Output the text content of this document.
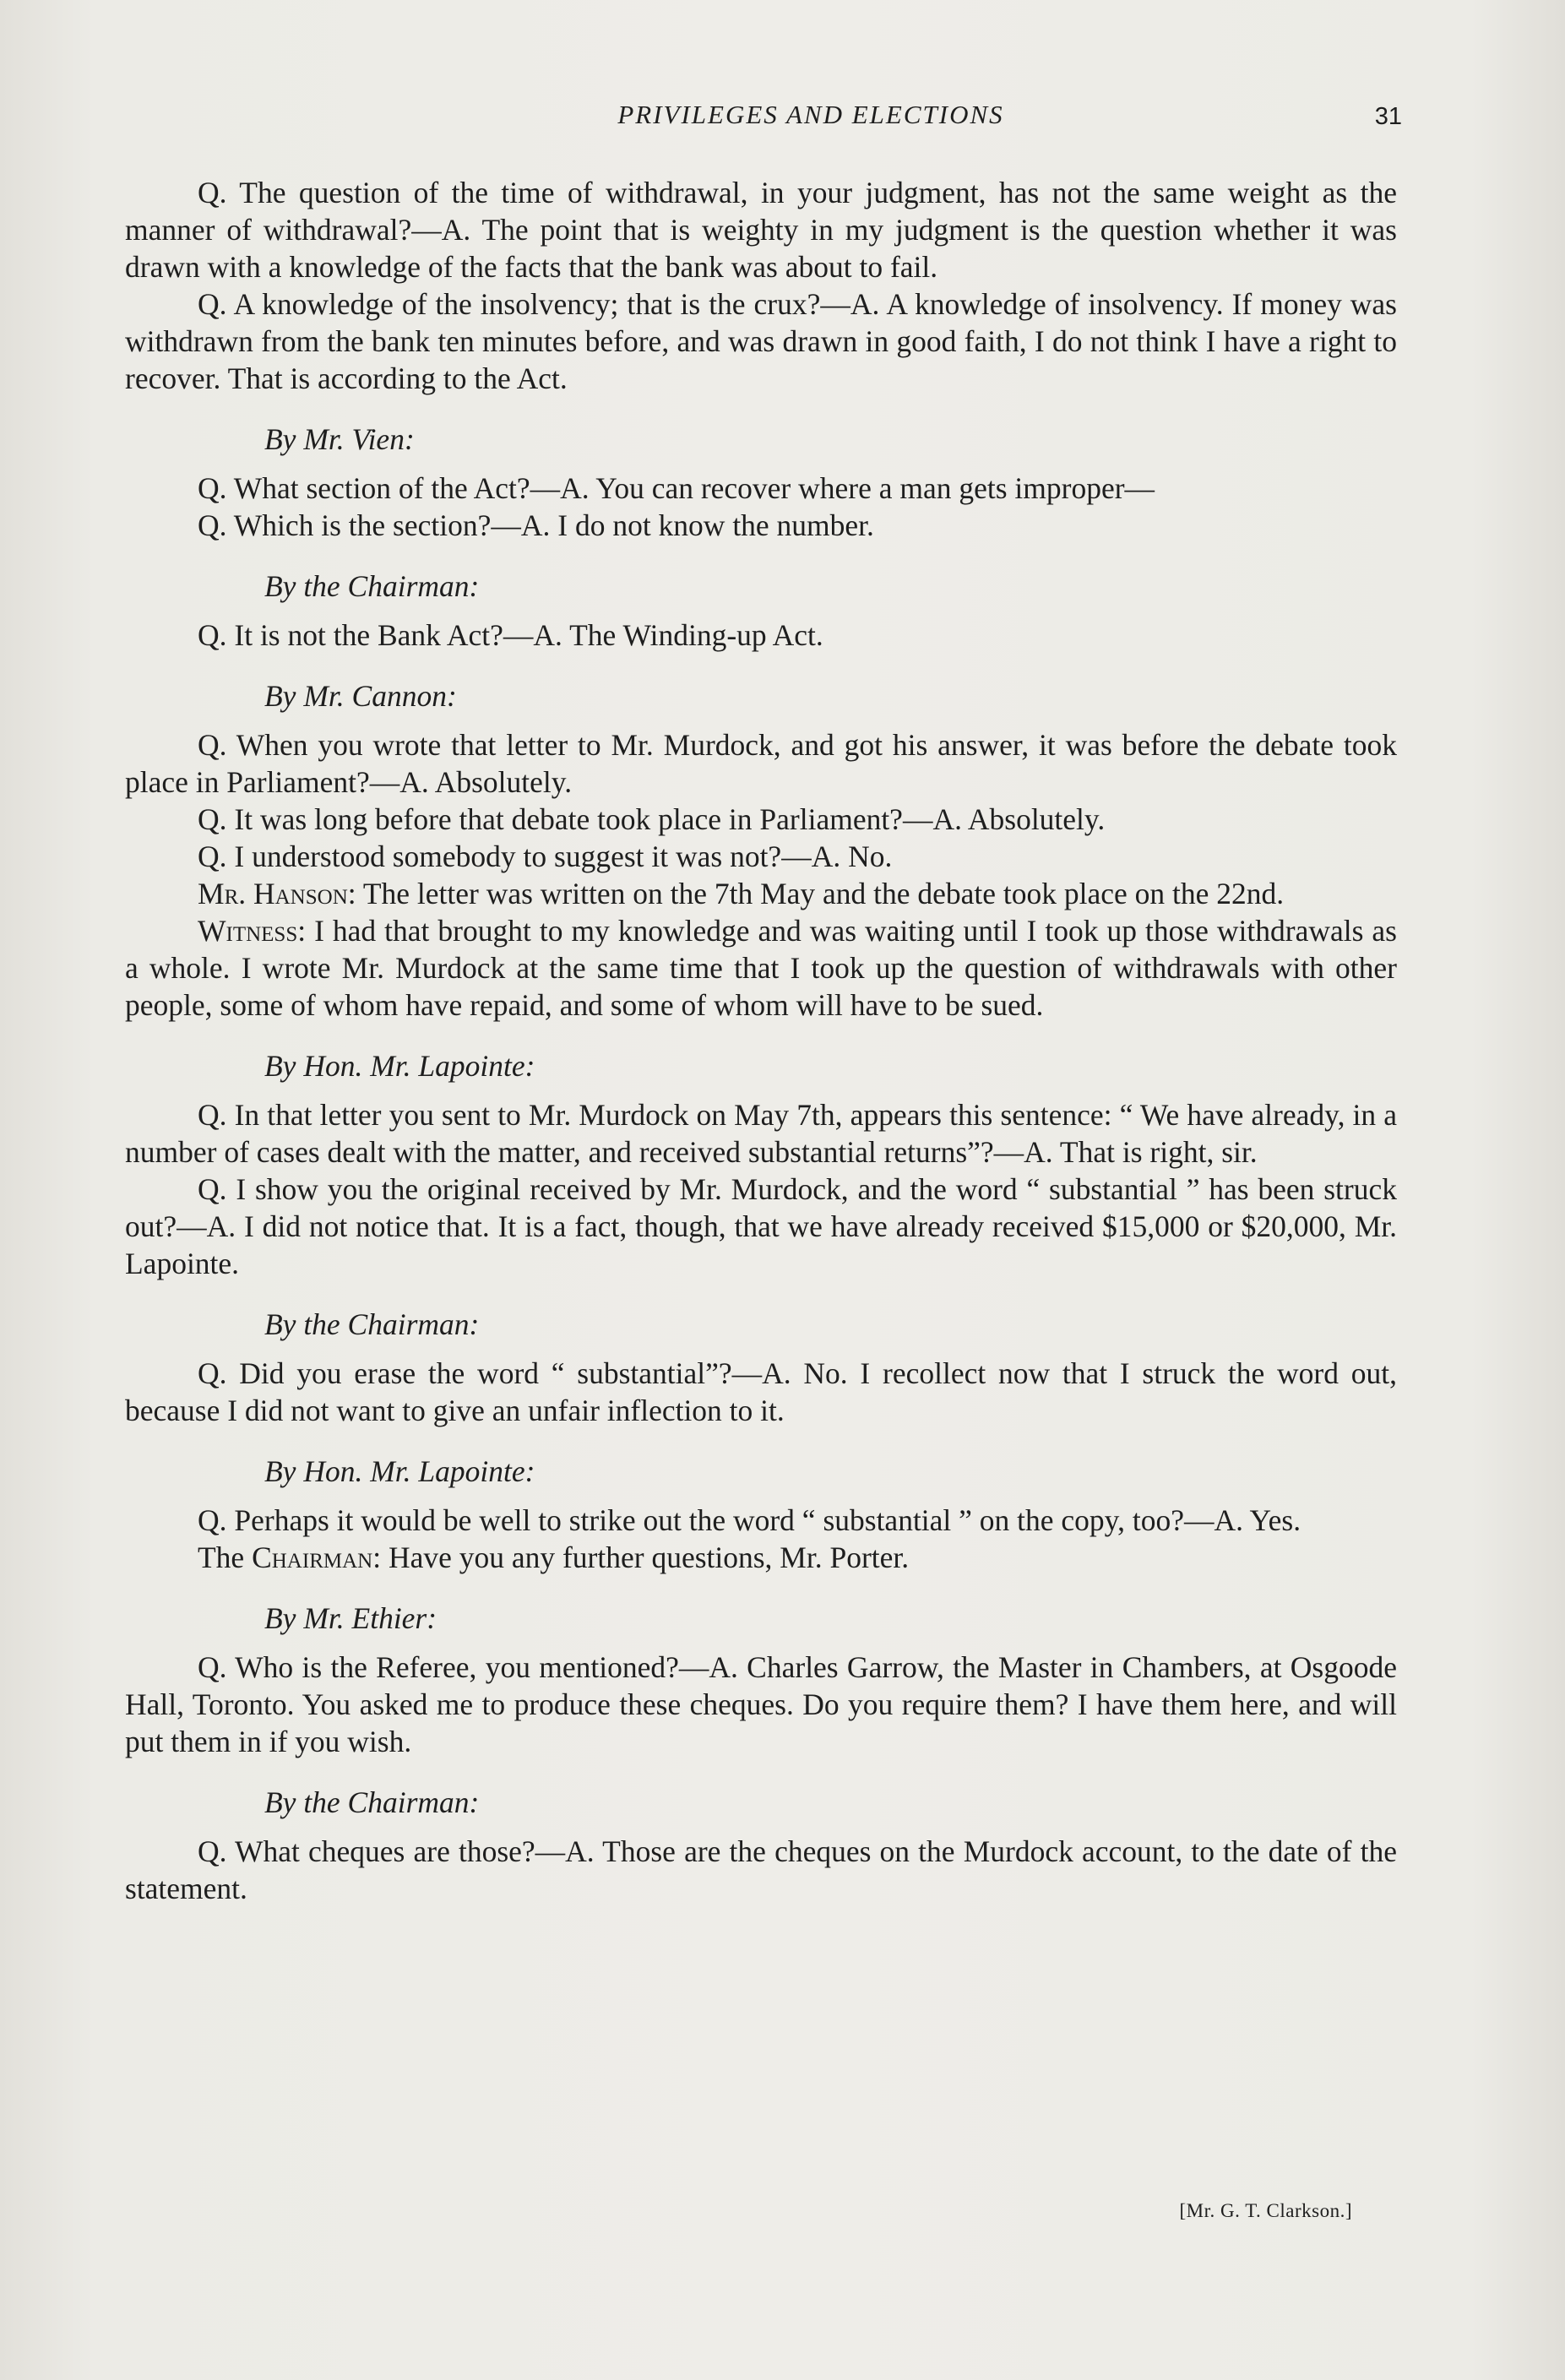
PRIVILEGES AND ELECTIONS	31

Q. The question of the time of withdrawal, in your judgment, has not the same weight as the manner of withdrawal?—A. The point that is weighty in my judgment is the question whether it was drawn with a knowledge of the facts that the bank was about to fail.

Q. A knowledge of the insolvency; that is the crux?—A. A knowledge of insolvency. If money was withdrawn from the bank ten minutes before, and was drawn in good faith, I do not think I have a right to recover. That is according to the Act.

By Mr. Vien:

Q. What section of the Act?—A. You can recover where a man gets improper—

Q. Which is the section?—A. I do not know the number.

By the Chairman:

Q. It is not the Bank Act?—A. The Winding-up Act.

By Mr. Cannon:

Q. When you wrote that letter to Mr. Murdock, and got his answer, it was before the debate took place in Parliament?—A. Absolutely.

Q. It was long before that debate took place in Parliament?—A. Absolutely.

Q. I understood somebody to suggest it was not?—A. No.

Mr. Hanson: The letter was written on the 7th May and the debate took place on the 22nd.

Witness: I had that brought to my knowledge and was waiting until I took up those withdrawals as a whole. I wrote Mr. Murdock at the same time that I took up the question of withdrawals with other people, some of whom have repaid, and some of whom will have to be sued.

By Hon. Mr. Lapointe:

Q. In that letter you sent to Mr. Murdock on May 7th, appears this sentence: “ We have already, in a number of cases dealt with the matter, and received substantial returns”?—A. That is right, sir.

Q. I show you the original received by Mr. Murdock, and the word “ substantial ” has been struck out?—A. I did not notice that. It is a fact, though, that we have already received $15,000 or $20,000, Mr. Lapointe.

By the Chairman:

Q. Did you erase the word “ substantial”?—A. No. I recollect now that I struck the word out, because I did not want to give an unfair inflection to it.

By Hon. Mr. Lapointe:

Q. Perhaps it would be well to strike out the word “ substantial ” on the copy, too?—A. Yes.

The Chairman: Have you any further questions, Mr. Porter.

By Mr. Ethier:

Q. Who is the Referee, you mentioned?—A. Charles Garrow, the Master in Chambers, at Osgoode Hall, Toronto. You asked me to produce these cheques. Do you require them? I have them here, and will put them in if you wish.

By the Chairman:

Q. What cheques are those?—A. Those are the cheques on the Murdock account, to the date of the statement.

[Mr. G. T. Clarkson.]
